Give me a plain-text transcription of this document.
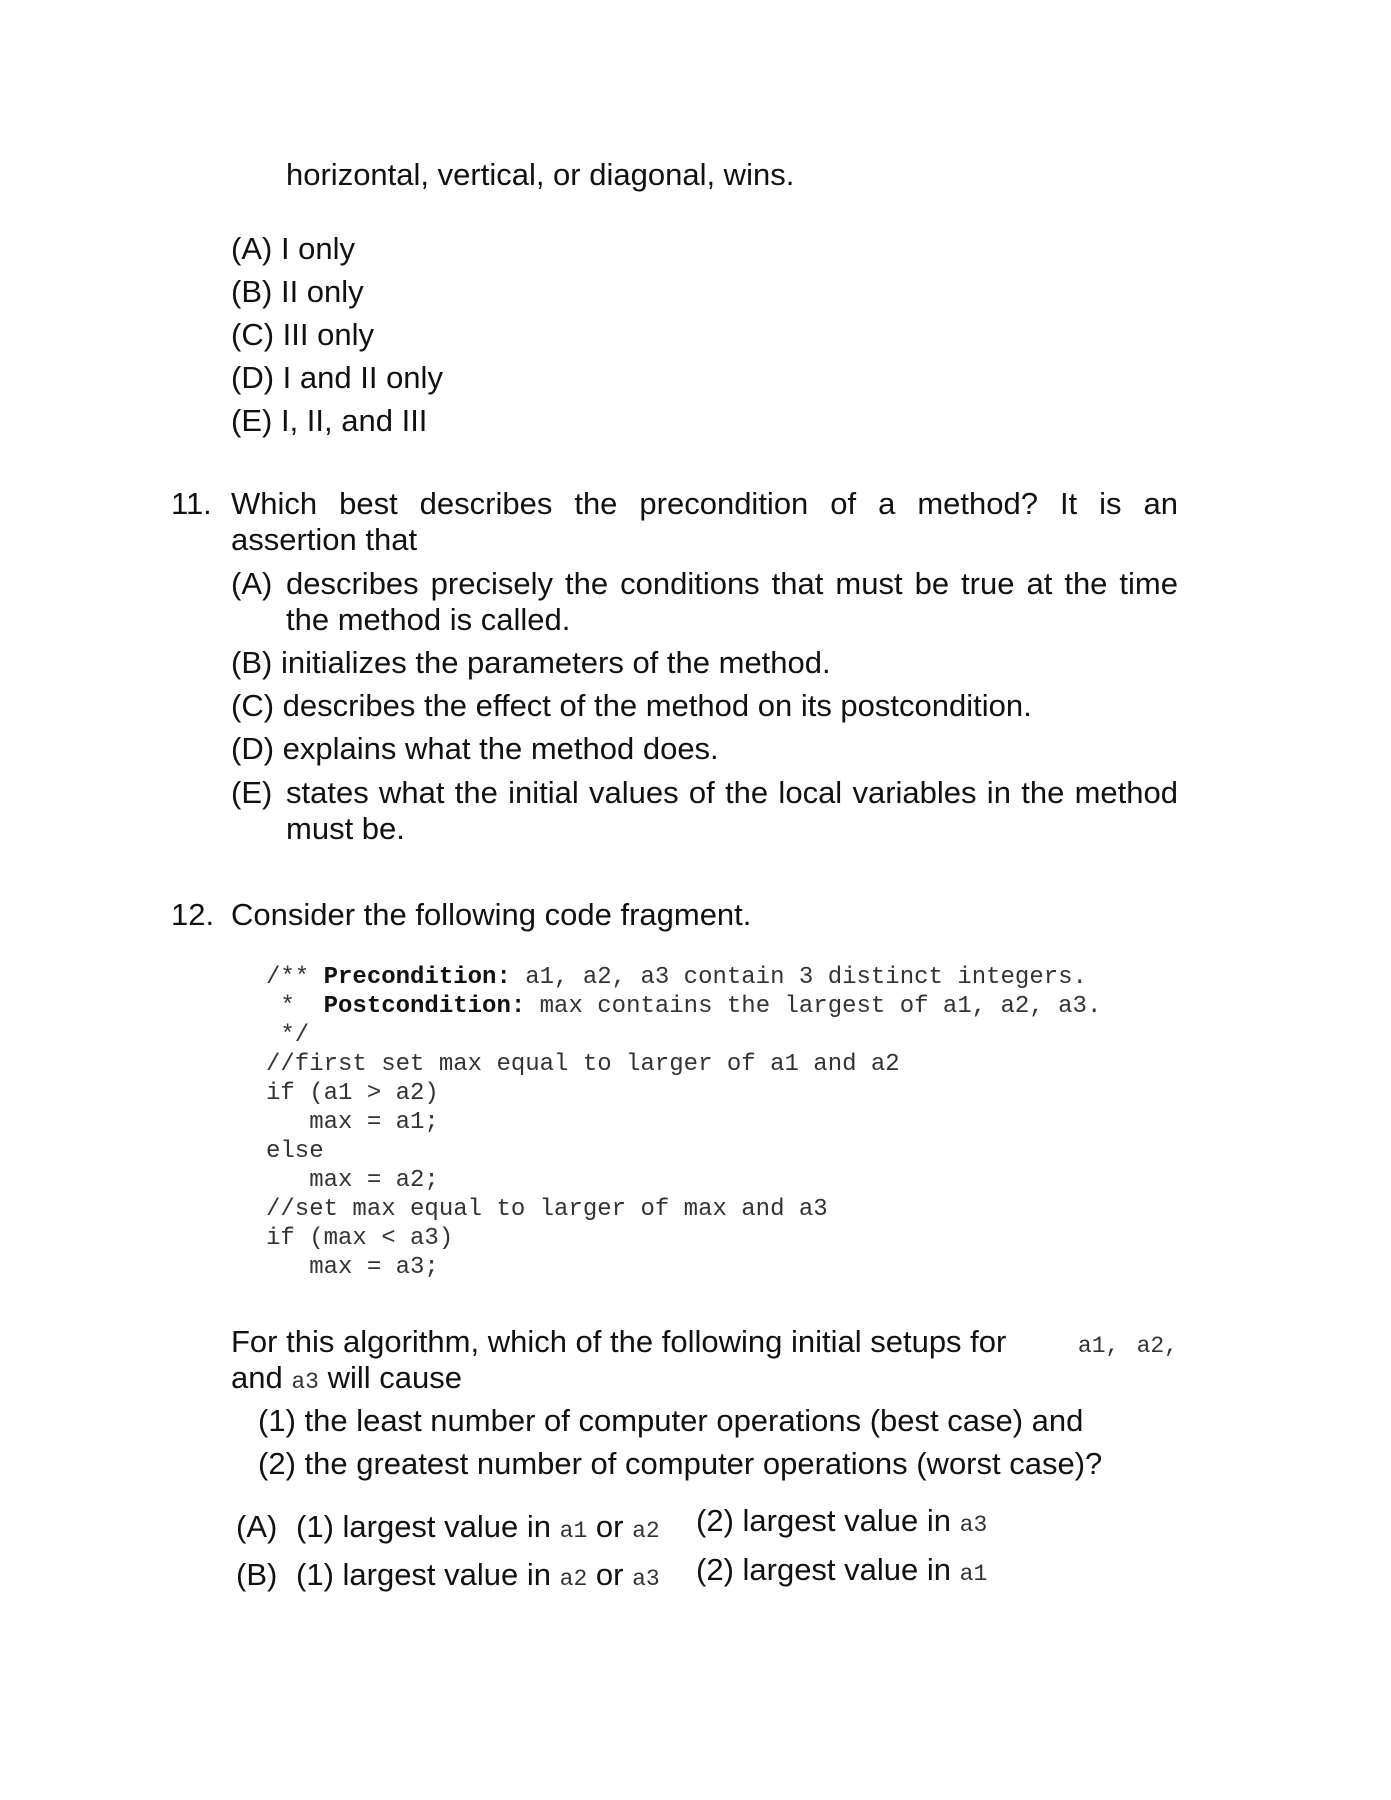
horizontal, vertical, or diagonal, wins.
(A) I only
(B) II only
(C) III only
(D) I and II only
(E) I, II, and III
11. Which best describes the precondition of a method? It is an
assertion that
(A) describes precisely the conditions that must be true at the time
the method is called.
(B) initializes the parameters of the method.
(C) describes the effect of the method on its postcondition.
(D) explains what the method does.
(E) states what the initial values of the local variables in the method
must be.
12. Consider the following code fragment.
/** Precondition: a1, a2, a3 contain 3 distinct integers.
*  Postcondition: max contains the largest of a1, a2, a3.
*/
//first set max equal to larger of a1 and a2
if (a1 > a2)
max = a1;
else
max = a2;
//set max equal to larger of max and a3
if (max < a3)
max = a3;
For this algorithm, which of the following initial setups for	a1, a2,
and a3 will cause
(1) the least number of computer operations (best case) and
(2) the greatest number of computer operations (worst case)?
(A) (1) largest value in a1 or a2 (2) largest value in a3
(B) (1) largest value in a2 or a3 (2) largest value in a1
